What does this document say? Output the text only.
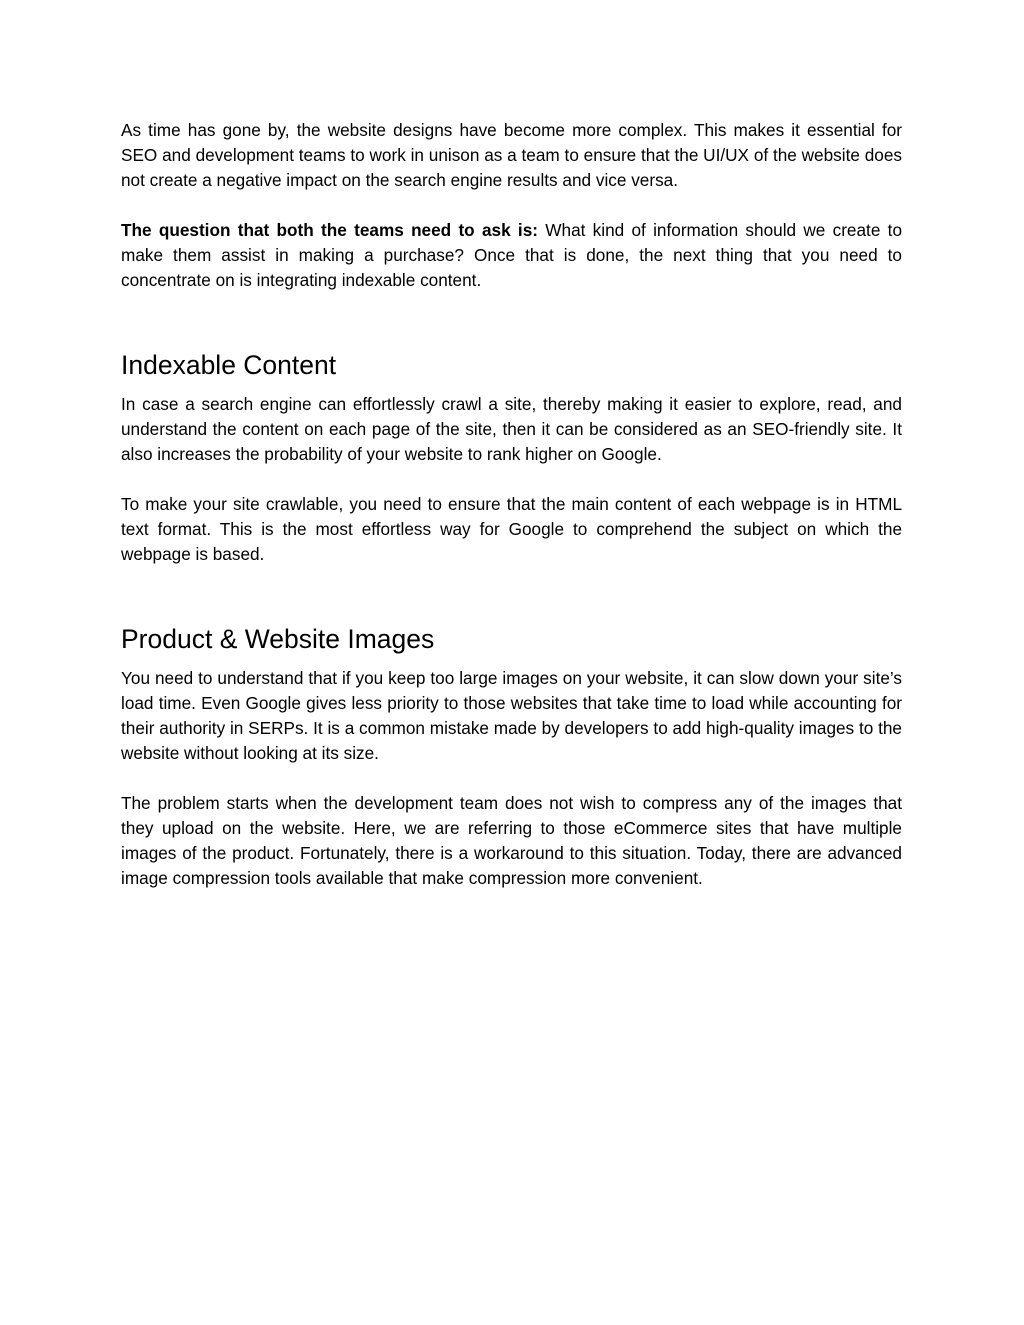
As time has gone by, the website designs have become more complex. This makes it essential for SEO and development teams to work in unison as a team to ensure that the UI/UX of the website does not create a negative impact on the search engine results and vice versa.

The question that both the teams need to ask is: What kind of information should we create to make them assist in making a purchase? Once that is done, the next thing that you need to concentrate on is integrating indexable content.

Indexable Content

In case a search engine can effortlessly crawl a site, thereby making it easier to explore, read, and understand the content on each page of the site, then it can be considered as an SEO-friendly site. It also increases the probability of your website to rank higher on Google.

To make your site crawlable, you need to ensure that the main content of each webpage is in HTML text format. This is the most effortless way for Google to comprehend the subject on which the webpage is based.

Product & Website Images

You need to understand that if you keep too large images on your website, it can slow down your site’s load time. Even Google gives less priority to those websites that take time to load while accounting for their authority in SERPs. It is a common mistake made by developers to add high-quality images to the website without looking at its size.

The problem starts when the development team does not wish to compress any of the images that they upload on the website. Here, we are referring to those eCommerce sites that have multiple images of the product. Fortunately, there is a workaround to this situation. Today, there are advanced image compression tools available that make compression more convenient.
